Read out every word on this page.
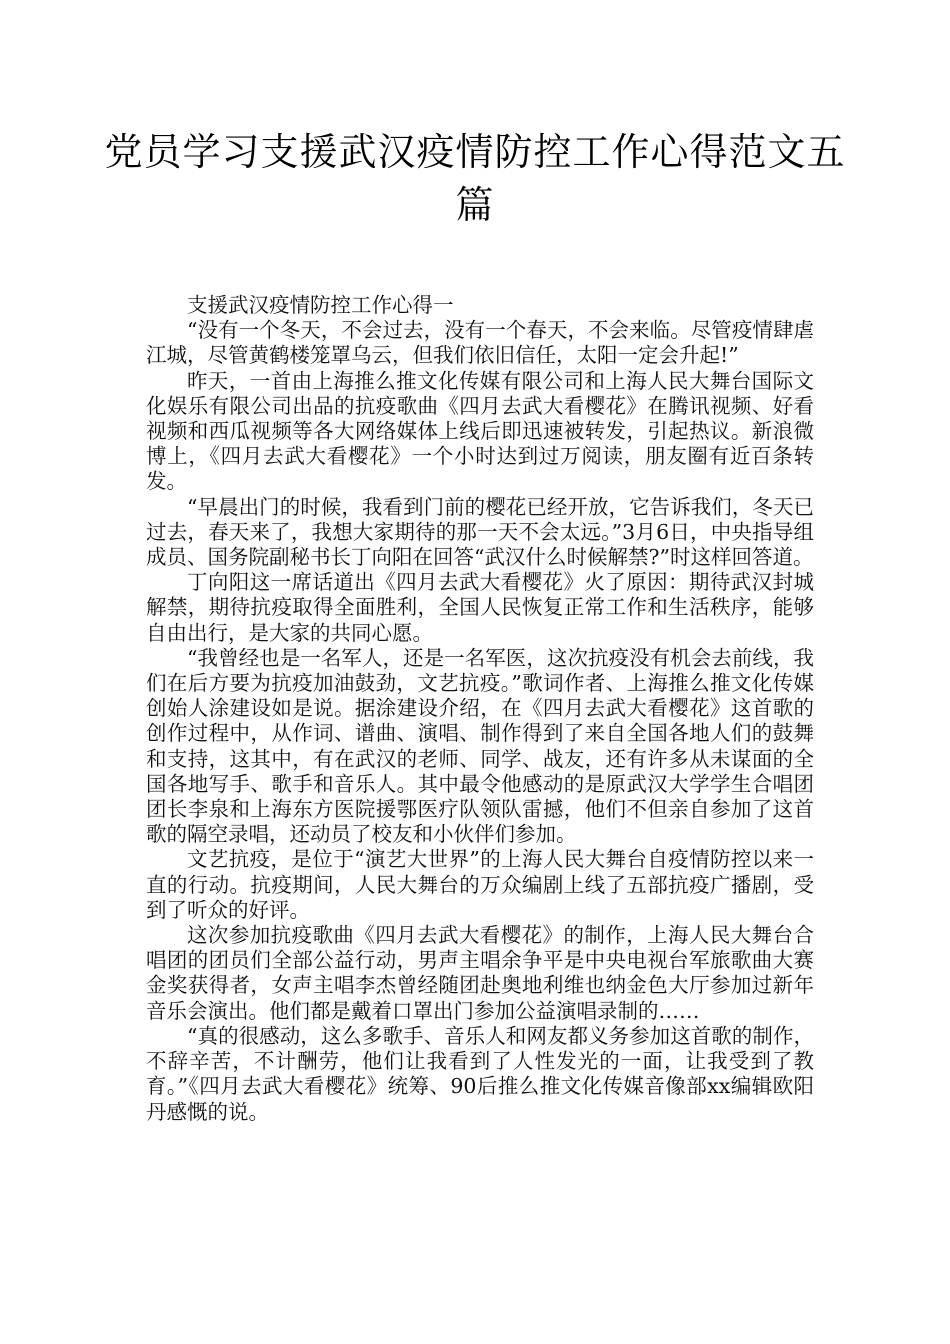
党员学习支援武汉疫情防控工作心得范文五篇

支援武汉疫情防控工作心得一

“没有一个冬天，不会过去，没有一个春天，不会来临。尽管疫情肆虐江城，尽管黄鹤楼笼罩乌云，但我们依旧信任，太阳一定会升起!”

昨天，一首由上海推么推文化传媒有限公司和上海人民大舞台国际文化娱乐有限公司出品的抗疫歌曲《四月去武大看樱花》在腾讯视频、好看视频和西瓜视频等各大网络媒体上线后即迅速被转发，引起热议。新浪微博上，《四月去武大看樱花》一个小时达到过万阅读，朋友圈有近百条转发。

“早晨出门的时候，我看到门前的樱花已经开放，它告诉我们，冬天已过去，春天来了，我想大家期待的那一天不会太远。”3月6日，中央指导组成员、国务院副秘书长丁向阳在回答“武汉什么时候解禁?”时这样回答道。

丁向阳这一席话道出《四月去武大看樱花》火了原因：期待武汉封城解禁，期待抗疫取得全面胜利，全国人民恢复正常工作和生活秩序，能够自由出行，是大家的共同心愿。

“我曾经也是一名军人，还是一名军医，这次抗疫没有机会去前线，我们在后方要为抗疫加油鼓劲，文艺抗疫。”歌词作者、上海推么推文化传媒创始人涂建设如是说。据涂建设介绍，在《四月去武大看樱花》这首歌的创作过程中，从作词、谱曲、演唱、制作得到了来自全国各地人们的鼓舞和支持，这其中，有在武汉的老师、同学、战友，还有许多从未谋面的全国各地写手、歌手和音乐人。其中最令他感动的是原武汉大学学生合唱团团长李泉和上海东方医院援鄂医疗队领队雷撼，他们不但亲自参加了这首歌的隔空录唱，还动员了校友和小伙伴们参加。

文艺抗疫，是位于“演艺大世界”的上海人民大舞台自疫情防控以来一直的行动。抗疫期间，人民大舞台的万众编剧上线了五部抗疫广播剧，受到了听众的好评。

这次参加抗疫歌曲《四月去武大看樱花》的制作，上海人民大舞台合唱团的团员们全部公益行动，男声主唱余争平是中央电视台军旅歌曲大赛金奖获得者，女声主唱李杰曾经随团赴奥地利维也纳金色大厅参加过新年音乐会演出。他们都是戴着口罩出门参加公益演唱录制的……

“真的很感动，这么多歌手、音乐人和网友都义务参加这首歌的制作，不辞辛苦，不计酬劳，他们让我看到了人性发光的一面，让我受到了教育。”《四月去武大看樱花》统筹、90后推么推文化传媒音像部xx编辑欧阳丹感慨的说。
